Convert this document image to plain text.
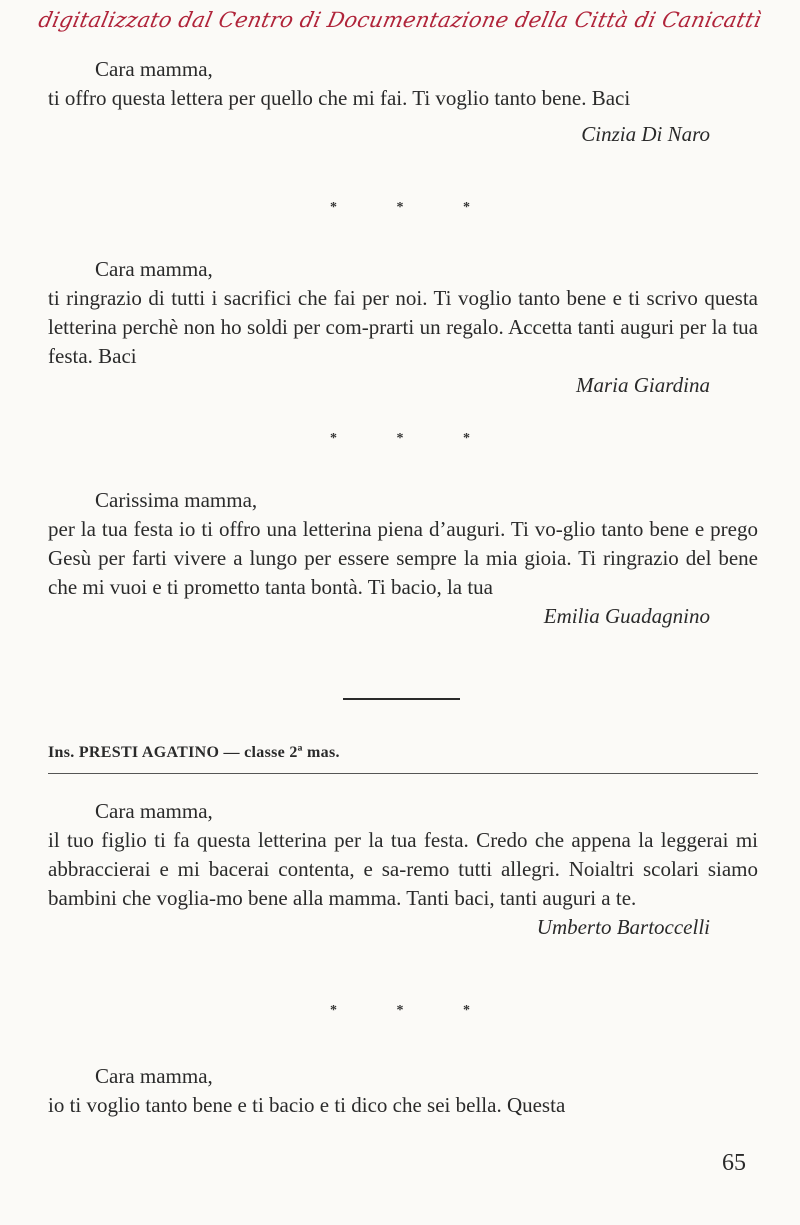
digitalizzato dal Centro di Documentazione della Città di Canicattì

Cara mamma,

ti offro questa lettera per quello che mi fai. Ti voglio tanto bene. Baci

Cinzia Di Naro

* * *

Cara mamma,

ti ringrazio di tutti i sacrifici che fai per noi. Ti voglio tanto bene e ti scrivo questa letterina perchè non ho soldi per com-prarti un regalo. Accetta tanti auguri per la tua festa. Baci

Maria Giardina

* * *

Carissima mamma,

per la tua festa io ti offro una letterina piena d’auguri. Ti vo-glio tanto bene e prego Gesù per farti vivere a lungo per essere sempre la mia gioia. Ti ringrazio del bene che mi vuoi e ti prometto tanta bontà. Ti bacio, la tua

Emilia Guadagnino

Ins. PRESTI AGATINO — classe 2ª mas.

Cara mamma,

il tuo figlio ti fa questa letterina per la tua festa. Credo che appena la leggerai mi abbraccierai e mi bacerai contenta, e sa-remo tutti allegri. Noialtri scolari siamo bambini che voglia-mo bene alla mamma. Tanti baci, tanti auguri a te.

Umberto Bartoccelli

* * *

Cara mamma,

io ti voglio tanto bene e ti bacio e ti dico che sei bella. Questa

65
